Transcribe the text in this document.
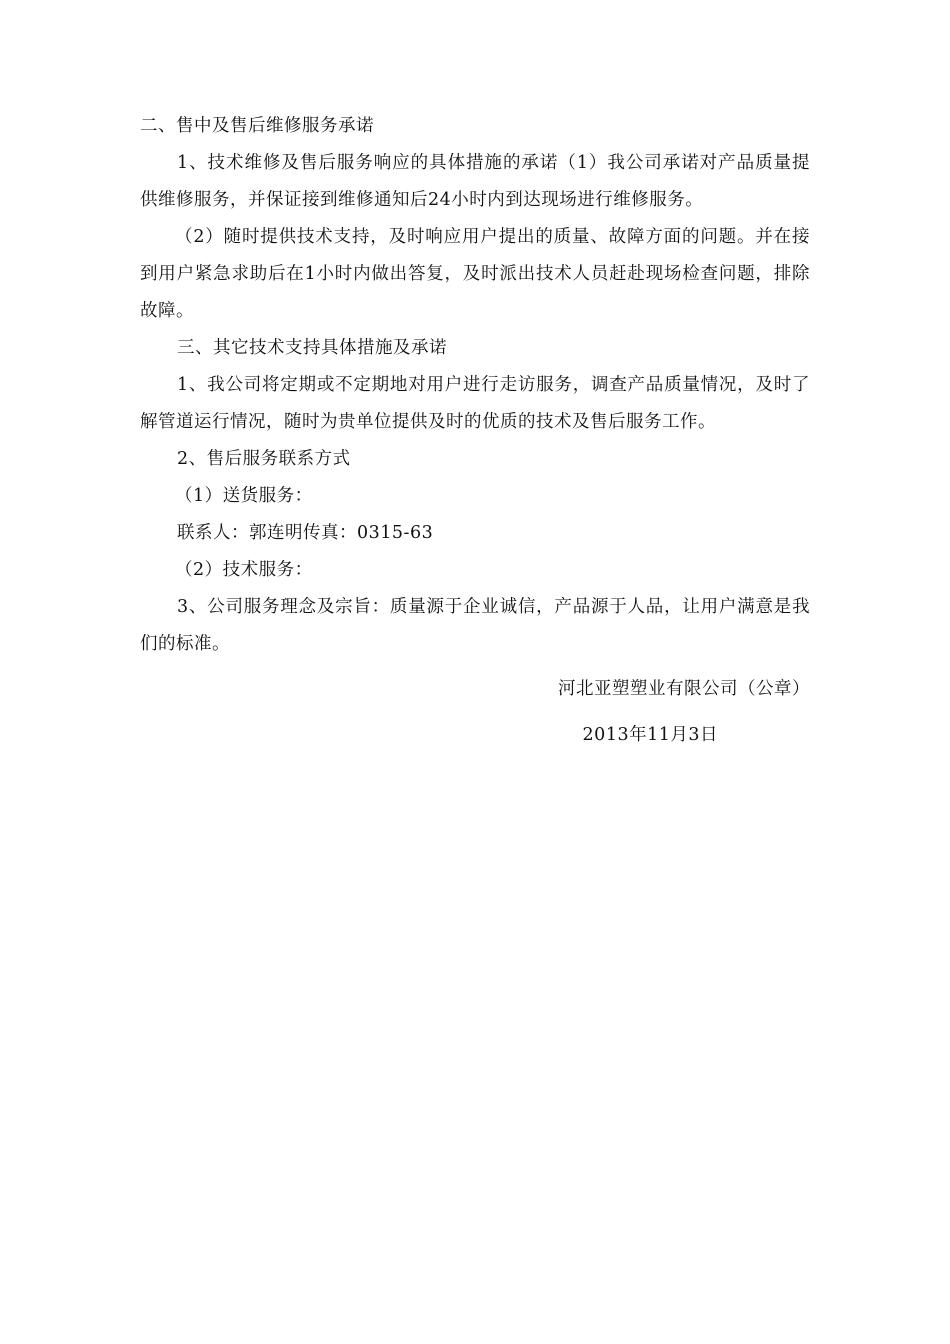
二、售中及售后维修服务承诺

1、技术维修及售后服务响应的具体措施的承诺（1）我公司承诺对产品质量提供维修服务，并保证接到维修通知后24小时内到达现场进行维修服务。

（2）随时提供技术支持，及时响应用户提出的质量、故障方面的问题。并在接到用户紧急求助后在1小时内做出答复，及时派出技术人员赶赴现场检查问题，排除故障。

三、其它技术支持具体措施及承诺

1、我公司将定期或不定期地对用户进行走访服务，调查产品质量情况，及时了解管道运行情况，随时为贵单位提供及时的优质的技术及售后服务工作。

2、售后服务联系方式

（1）送货服务：

联系人：郭连明传真：0315-63

（2）技术服务：

3、公司服务理念及宗旨：质量源于企业诚信，产品源于人品，让用户满意是我们的标准。

河北亚塑塑业有限公司（公章）
2013年11月3日
